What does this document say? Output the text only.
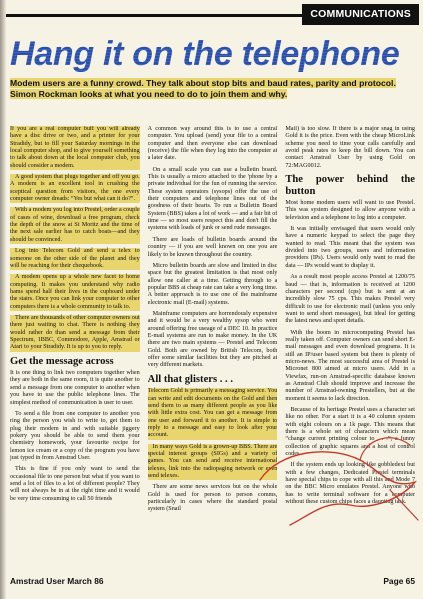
COMMUNICATIONS
Hang it on the telephone
Modem users are a funny crowd. They talk about stop bits and baud rates, parity and protocol. Simon Rockman looks at what you need to do to join them and why.

If you are a real computer buff you will already have a disc drive or two, and a printer for your Stradidy, but to fill your Saturday mornings in the local computer shop, and to give yourself something to talk about down at the local computer club, you should consider a modem.

A good system that plugs together and off you go. A modem is an excellent tool in crushing the sceptical question from visitors, the one every computer owner dreads: “Yes but what can it do?”.

With a modem you log into Prestel, order a couple of cases of wine, download a free program, check the depth of the snow at St Moritz and the time of the next sale earlier has to catch boats—and they should be convinced.

Log into Telecom Gold and send a telex to someone on the other side of the planet and they will be reaching for their chequebook.

A modem opens up a whole new facet to home computing. It makes you understand why radio hams spend half their lives in the cupboard under the stairs. Once you can link your computer to other computers there is a whole community to talk to.

There are thousands of other computer owners out there just waiting to chat. There is nothing they would rather do than send a message from their Spectrum, 1BBC, Commodore, Apple, Amstrad or Atari to your Stradidy. It is up to you to reply.

Get the message across

It is one thing to link two computers together when they are both in the same room, it is quite another to send a message from one computer to another when you have to use the public telephone lines. The simplest method of communication is user to user.

To send a file from one computer to another you ring the person you wish to write to, get them to plug their modem in and with suitable jiggery pokery you should be able to send them your chemistry homework, your favourite recipe for lemon ice cream or a copy of the program you have just typed in from Amstrad User.

This is fine if you only want to send the occasional file to one person but what if you want to send a lot of files to a lot of different people? They will not always be in at the right time and it would be very time consuming to call 50 friends

A common way around this is to use a central computer. You upload (send) your file to a central computer and then everyone else can download (receive) the file when they log into the computer at a later date.

On a small scale you can use a bulletin board. This is usually a micro attached to the 'phone by a private individual for the fun of running the service. These system operators (sysops) offer the use of their computers and telephone lines out of the goodness of their hearts. To run a Bulletin Board System (BBS) takes a lot of work — and a fair bit of time — so most users respect this and don't fill the systems with loads of junk or send rude messages.

There are loads of bulletin boards around the country — if you are well known on one you are likely to be known throughout the country.

Micro bulletin boards are slow and limited in disc space but the greatest limitation is that most only allow one caller at a time. Getting through to a popular BBS at cheap rate can take a very long time. A better approach is to use one of the mainframe electronic mail (E-mail) systems.

Mainframe computers are horrendously expensive and it would be a very wealthy sysop who went around offering free useage of a DEC 10. In practice E-mail systems are run to make money. In the UK there are two main systems — Prestel and Telecom Gold. Both are owned by British Telecom, both offer some similar facilities but they are pitched at very different markets.

All that glisters . . .

Telecom Gold is primarily a messaging service. You can write and edit documents on the Gold and then send them to as many different people as you like with little extra cost. You can get a message from one user and forward it to another. It is simple to reply to a message and easy to look after your account.

In many ways Gold is a grown-up BBS. There are special interest groups (SIGs) and a variety of games. You can send and receive international telexes, link into the radiopaging network or even send telexes.

There are some news services but on the whole Gold is used for person to person comms, particularly in cases where the standard postal system (Snail

Mail) is too slow. If there is a major snag in using Gold it is the price. Even with the cheap MicroLink scheme you need to time your calls carefully and avoid peak rates to keep the bill down. You can contact Amstrad User by using Gold on 72:MAG0012.

The power behind the button

Most home modem users will want to use Prestel. This was system designed to allow anyone with a television and a telephone to log into a computer.

It was initially envisaged that users would only have a numeric keypad to select the page they wanted to read. This meant that the system was divided into two groups, users and information providers (IPs). Users would only want to read the data — IPs would want to display it.

As a result most people access Prestel at 1200/75 baud — that is, information is received at 1200 characters per second (cps) but is sent at an incredibly slow 75 cps. This makes Prestel very difficult to use for electronic mail (unless you only want to send short messages), but ideal for getting the latest news and sport details.

With the boom in microcomputing Prestel has really taken off. Computer owners can send short E-mail messages and even download programs. It is still an IP/user based system but there is plenty of micro-news. The most successful area of Prestel is Micronet 800 aimed at micro users. Add in a Viewfax, run-on Amstrad-specific database known as Amstrad Club should improve and increase the number of Amstrad-owning Prestellers, but at the moment it seems to lack direction.

Because of its heritage Prestel uses a character set like no other. For a start it is a 40 column system with eight colours on a 1k page. This means that there is a whole set of characters which mean “change current printing colour to . . .”, a funny collection of graphic squares and a host of control codes.

If the system ends up looking like gobbledext but with a few changes, Dedicated Prestel terminals have special chips to cope with all this and Mode 7 on the BBC Micro emulates Prestel. Anyone who has to write terminal software for a computer without these custom chips faces a daunting task.

Amstrad User March 86	Page 65
